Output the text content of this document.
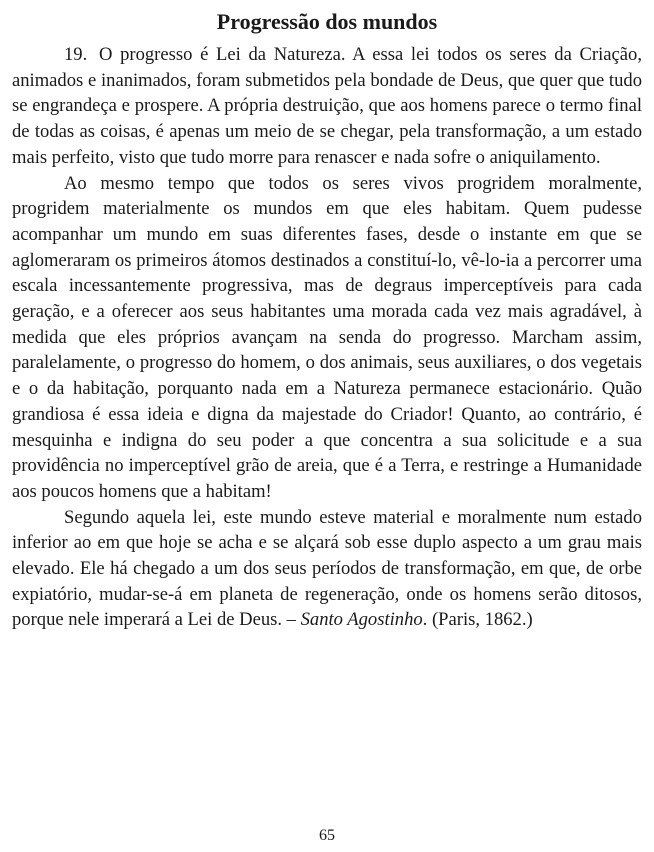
Progressão dos mundos

19. O progresso é Lei da Natureza. A essa lei todos os seres da Criação, animados e inanimados, foram submetidos pela bondade de Deus, que quer que tudo se engrandeça e prospere. A própria destruição, que aos homens parece o termo final de todas as coisas, é apenas um meio de se chegar, pela transformação, a um estado mais perfeito, visto que tudo morre para renascer e nada sofre o aniquilamento.

Ao mesmo tempo que todos os seres vivos progridem moralmente, progridem materialmente os mundos em que eles habitam. Quem pudesse acompanhar um mundo em suas diferentes fases, desde o instante em que se aglomeraram os primeiros átomos destinados a constituí-lo, vê-lo-ia a percorrer uma escala incessantemente progressiva, mas de degraus imperceptíveis para cada geração, e a oferecer aos seus habitantes uma morada cada vez mais agradável, à medida que eles próprios avançam na senda do progresso. Marcham assim, paralelamente, o progresso do homem, o dos animais, seus auxiliares, o dos vegetais e o da habitação, porquanto nada em a Natureza permanece estacionário. Quão grandiosa é essa ideia e digna da majestade do Criador! Quanto, ao contrário, é mesquinha e indigna do seu poder a que concentra a sua solicitude e a sua providência no imperceptível grão de areia, que é a Terra, e restringe a Humanidade aos poucos homens que a habitam!

Segundo aquela lei, este mundo esteve material e moralmente num estado inferior ao em que hoje se acha e se alçará sob esse duplo aspecto a um grau mais elevado. Ele há chegado a um dos seus períodos de transformação, em que, de orbe expiatório, mudar-se-á em planeta de regeneração, onde os homens serão ditosos, porque nele imperará a Lei de Deus. – Santo Agostinho. (Paris, 1862.)

65
